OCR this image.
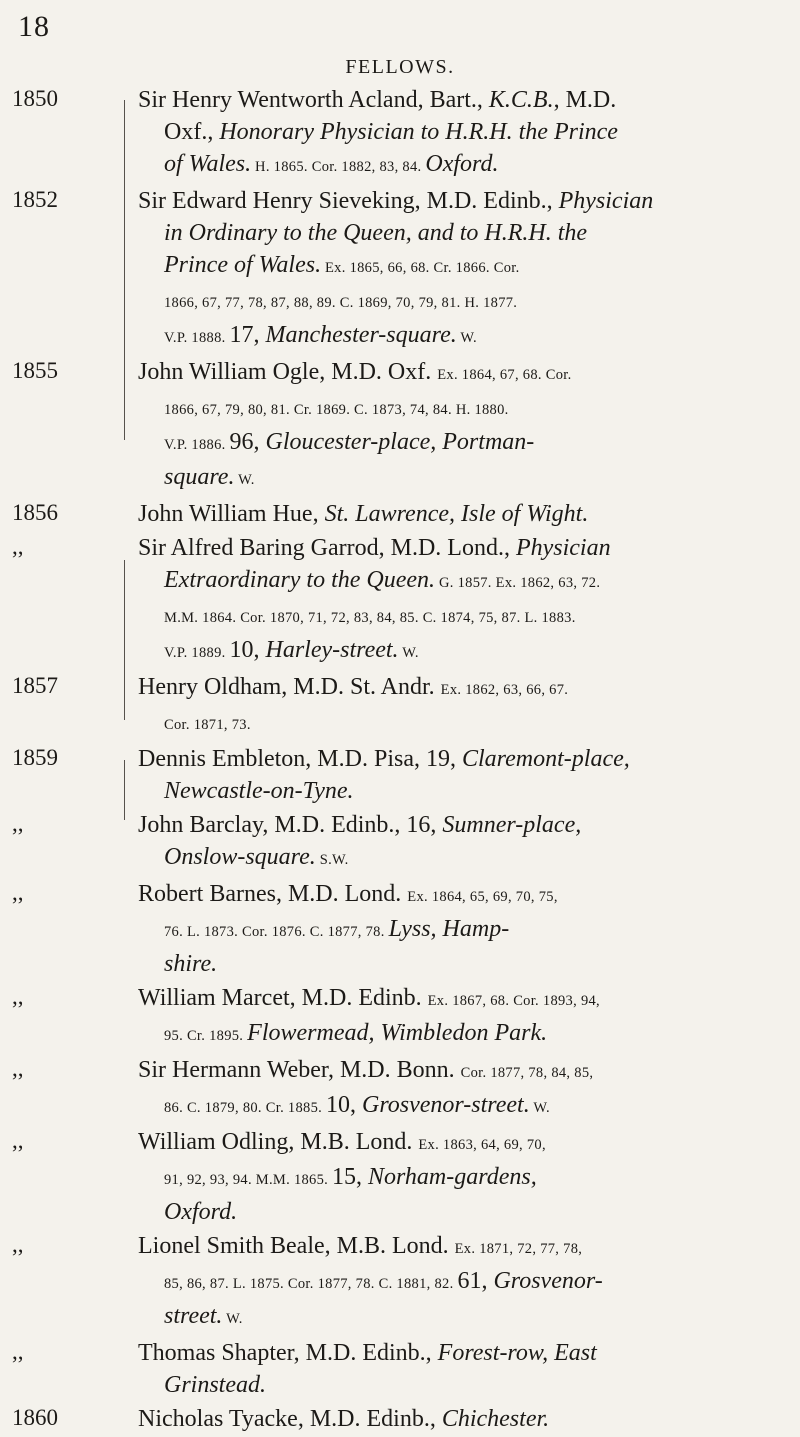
18
FELLOWS.
1850	Sir Henry Wentworth Acland, Bart., K.C.B., M.D.
Oxf., Honorary Physician to H.R.H. the Prince
of Wales. H. 1865. Cor. 1882, 83, 84. Oxford.
1852	Sir Edward Henry Sieveking, M.D. Edinb., Physician
in Ordinary to the Queen, and to H.R.H. the
Prince of Wales. Ex. 1865, 66, 68. Cr. 1866. Cor.
1866, 67, 77, 78, 87, 88, 89. C. 1869, 70, 79, 81. H. 1877.
V.P. 1888. 17, Manchester-square. W.
1855	John William Ogle, M.D. Oxf. Ex. 1864, 67, 68. Cor.
1866, 67, 79, 80, 81. Cr. 1869. C. 1873, 74, 84. H. 1880.
V.P. 1886. 96, Gloucester-place, Portman-
square. W.
1856	John William Hue, St. Lawrence, Isle of Wight.
,,	Sir Alfred Baring Garrod, M.D. Lond., Physician
Extraordinary to the Queen. G. 1857. Ex. 1862, 63, 72.
M.M. 1864. Cor. 1870, 71, 72, 83, 84, 85. C. 1874, 75, 87. L. 1883.
V.P. 1889. 10, Harley-street. W.
1857	Henry Oldham, M.D. St. Andr. Ex. 1862, 63, 66, 67.
Cor. 1871, 73.
1859	Dennis Embleton, M.D. Pisa, 19, Claremont-place,
Newcastle-on-Tyne.
,,	John Barclay, M.D. Edinb., 16, Sumner-place,
Onslow-square. S.W.
,,	Robert Barnes, M.D. Lond. Ex. 1864, 65, 69, 70, 75,
76. L. 1873. Cor. 1876. C. 1877, 78. Lyss, Hamp-
shire.
,,	William Marcet, M.D. Edinb. Ex. 1867, 68. Cor. 1893, 94,
95. Cr. 1895. Flowermead, Wimbledon Park.
,,	Sir Hermann Weber, M.D. Bonn. Cor. 1877, 78, 84, 85,
86. C. 1879, 80. Cr. 1885. 10, Grosvenor-street. W.
,,	William Odling, M.B. Lond. Ex. 1863, 64, 69, 70,
91, 92, 93, 94. M.M. 1865. 15, Norham-gardens,
Oxford.
,,	Lionel Smith Beale, M.B. Lond. Ex. 1871, 72, 77, 78,
85, 86, 87. L. 1875. Cor. 1877, 78. C. 1881, 82. 61, Grosvenor-
street. W.
,,	Thomas Shapter, M.D. Edinb., Forest-row, East
Grinstead.
1860	Nicholas Tyacke, M.D. Edinb., Chichester.
